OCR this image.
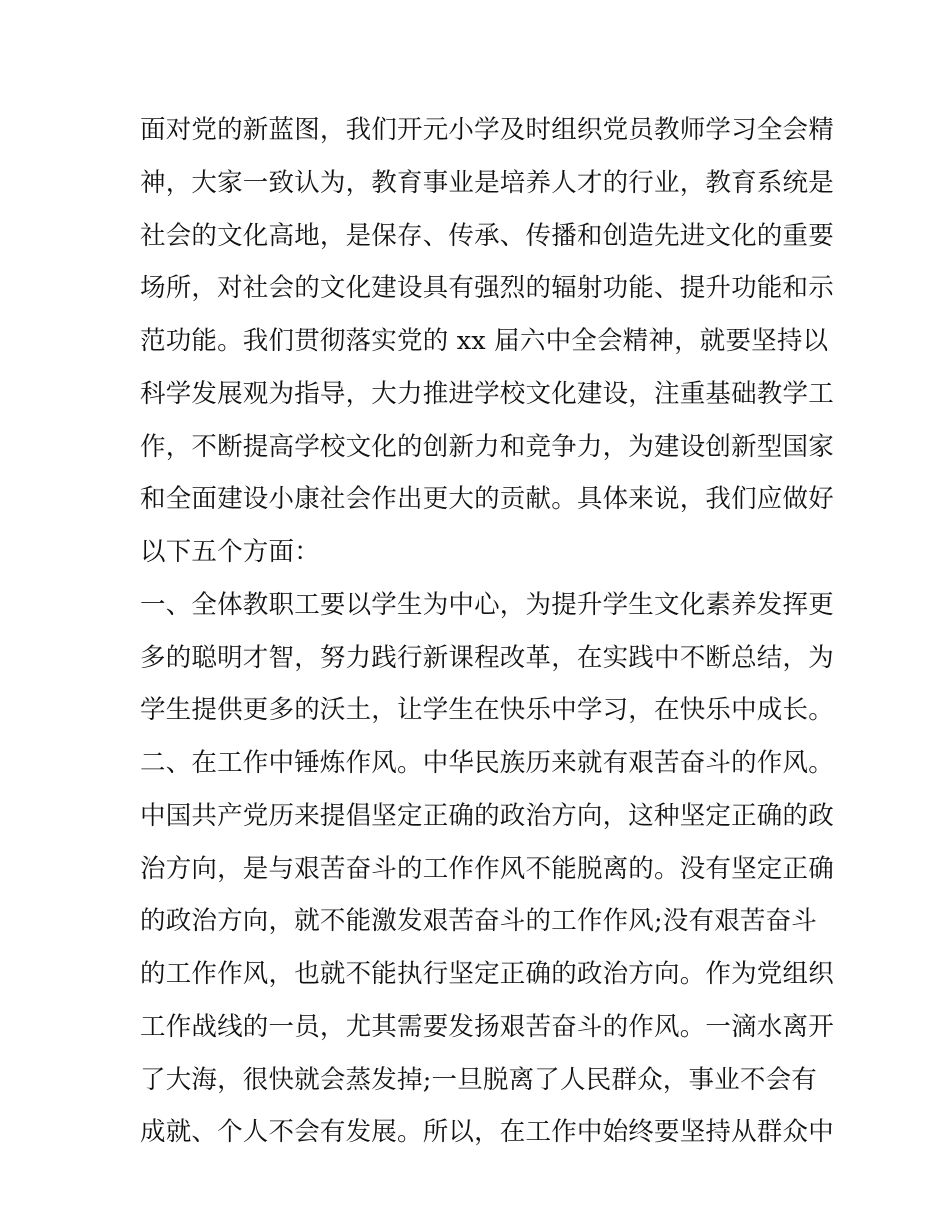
面对党的新蓝图，我们开元小学及时组织党员教师学习全会精
神，大家一致认为，教育事业是培养人才的行业，教育系统是
社会的文化高地，是保存、传承、传播和创造先进文化的重要
场所，对社会的文化建设具有强烈的辐射功能、提升功能和示
范功能。我们贯彻落实党的 xx 届六中全会精神，就要坚持以
科学发展观为指导，大力推进学校文化建设，注重基础教学工
作，不断提高学校文化的创新力和竞争力，为建设创新型国家
和全面建设小康社会作出更大的贡献。具体来说，我们应做好
以下五个方面：
一、全体教职工要以学生为中心，为提升学生文化素养发挥更
多的聪明才智，努力践行新课程改革，在实践中不断总结，为
学生提供更多的沃土，让学生在快乐中学习，在快乐中成长。
二、在工作中锤炼作风。中华民族历来就有艰苦奋斗的作风。
中国共产党历来提倡坚定正确的政治方向，这种坚定正确的政
治方向，是与艰苦奋斗的工作作风不能脱离的。没有坚定正确
的政治方向，就不能激发艰苦奋斗的工作作风;没有艰苦奋斗
的工作作风，也就不能执行坚定正确的政治方向。作为党组织
工作战线的一员，尤其需要发扬艰苦奋斗的作风。一滴水离开
了大海，很快就会蒸发掉;一旦脱离了人民群众，事业不会有
成就、个人不会有发展。所以，在工作中始终要坚持从群众中
